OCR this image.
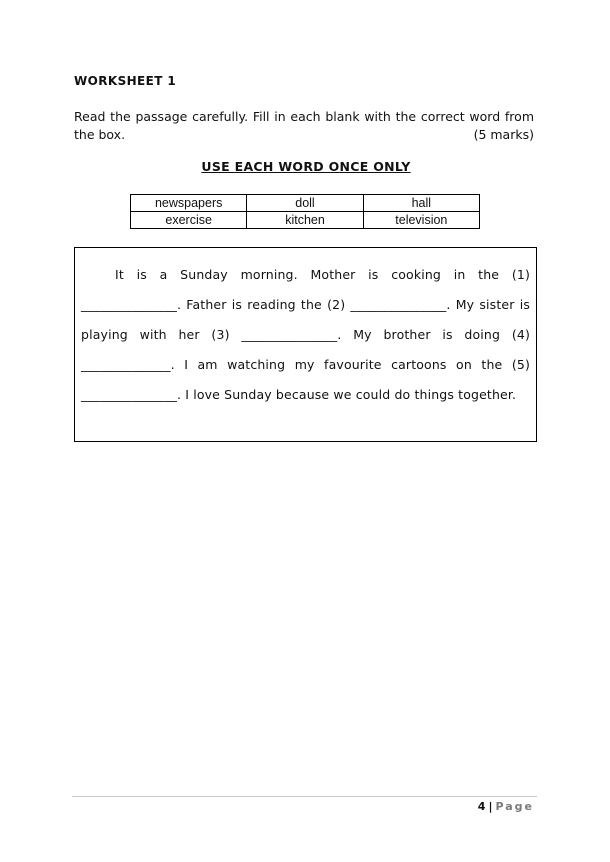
WORKSHEET 1
Read the passage carefully. Fill in each blank with the correct word from the box.	(5 marks)
USE EACH WORD ONCE ONLY
newspapers	doll	hall
exercise	kitchen	television

It is a Sunday morning. Mother is cooking in the (1) _______________. Father is reading the (2) _______________. My sister is playing with her (3) _______________. My brother is doing (4) ______________. I am watching my favourite cartoons on the (5) _______________. I love Sunday because we could do things together.

4 | Page
